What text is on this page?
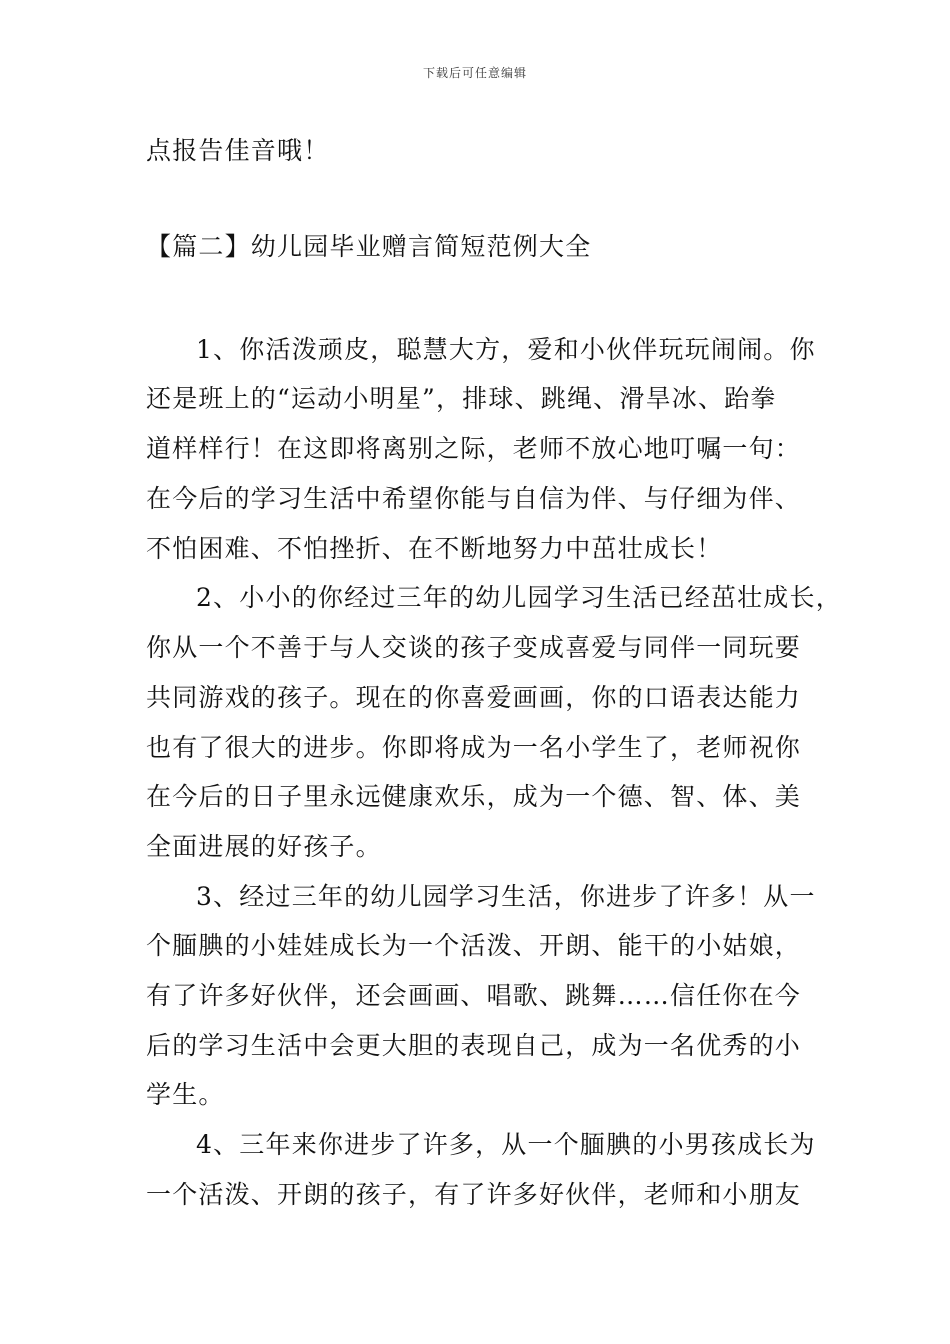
下载后可任意编辑
点报告佳音哦！
【篇二】幼儿园毕业赠言简短范例大全
1、你活泼顽皮，聪慧大方，爱和小伙伴玩玩闹闹。你
还是班上的“运动小明星”，排球、跳绳、滑旱冰、跆拳
道样样行！在这即将离别之际，老师不放心地叮嘱一句：
在今后的学习生活中希望你能与自信为伴、与仔细为伴、
不怕困难、不怕挫折、在不断地努力中茁壮成长！
2、小小的你经过三年的幼儿园学习生活已经茁壮成长，
你从一个不善于与人交谈的孩子变成喜爱与同伴一同玩要
共同游戏的孩子。现在的你喜爱画画，你的口语表达能力
也有了很大的进步。你即将成为一名小学生了，老师祝你
在今后的日子里永远健康欢乐，成为一个德、智、体、美
全面进展的好孩子。
3、经过三年的幼儿园学习生活，你进步了许多！从一
个腼腆的小娃娃成长为一个活泼、开朗、能干的小姑娘，
有了许多好伙伴，还会画画、唱歌、跳舞……信任你在今
后的学习生活中会更大胆的表现自己，成为一名优秀的小
学生。
4、三年来你进步了许多，从一个腼腆的小男孩成长为
一个活泼、开朗的孩子，有了许多好伙伴，老师和小朋友
